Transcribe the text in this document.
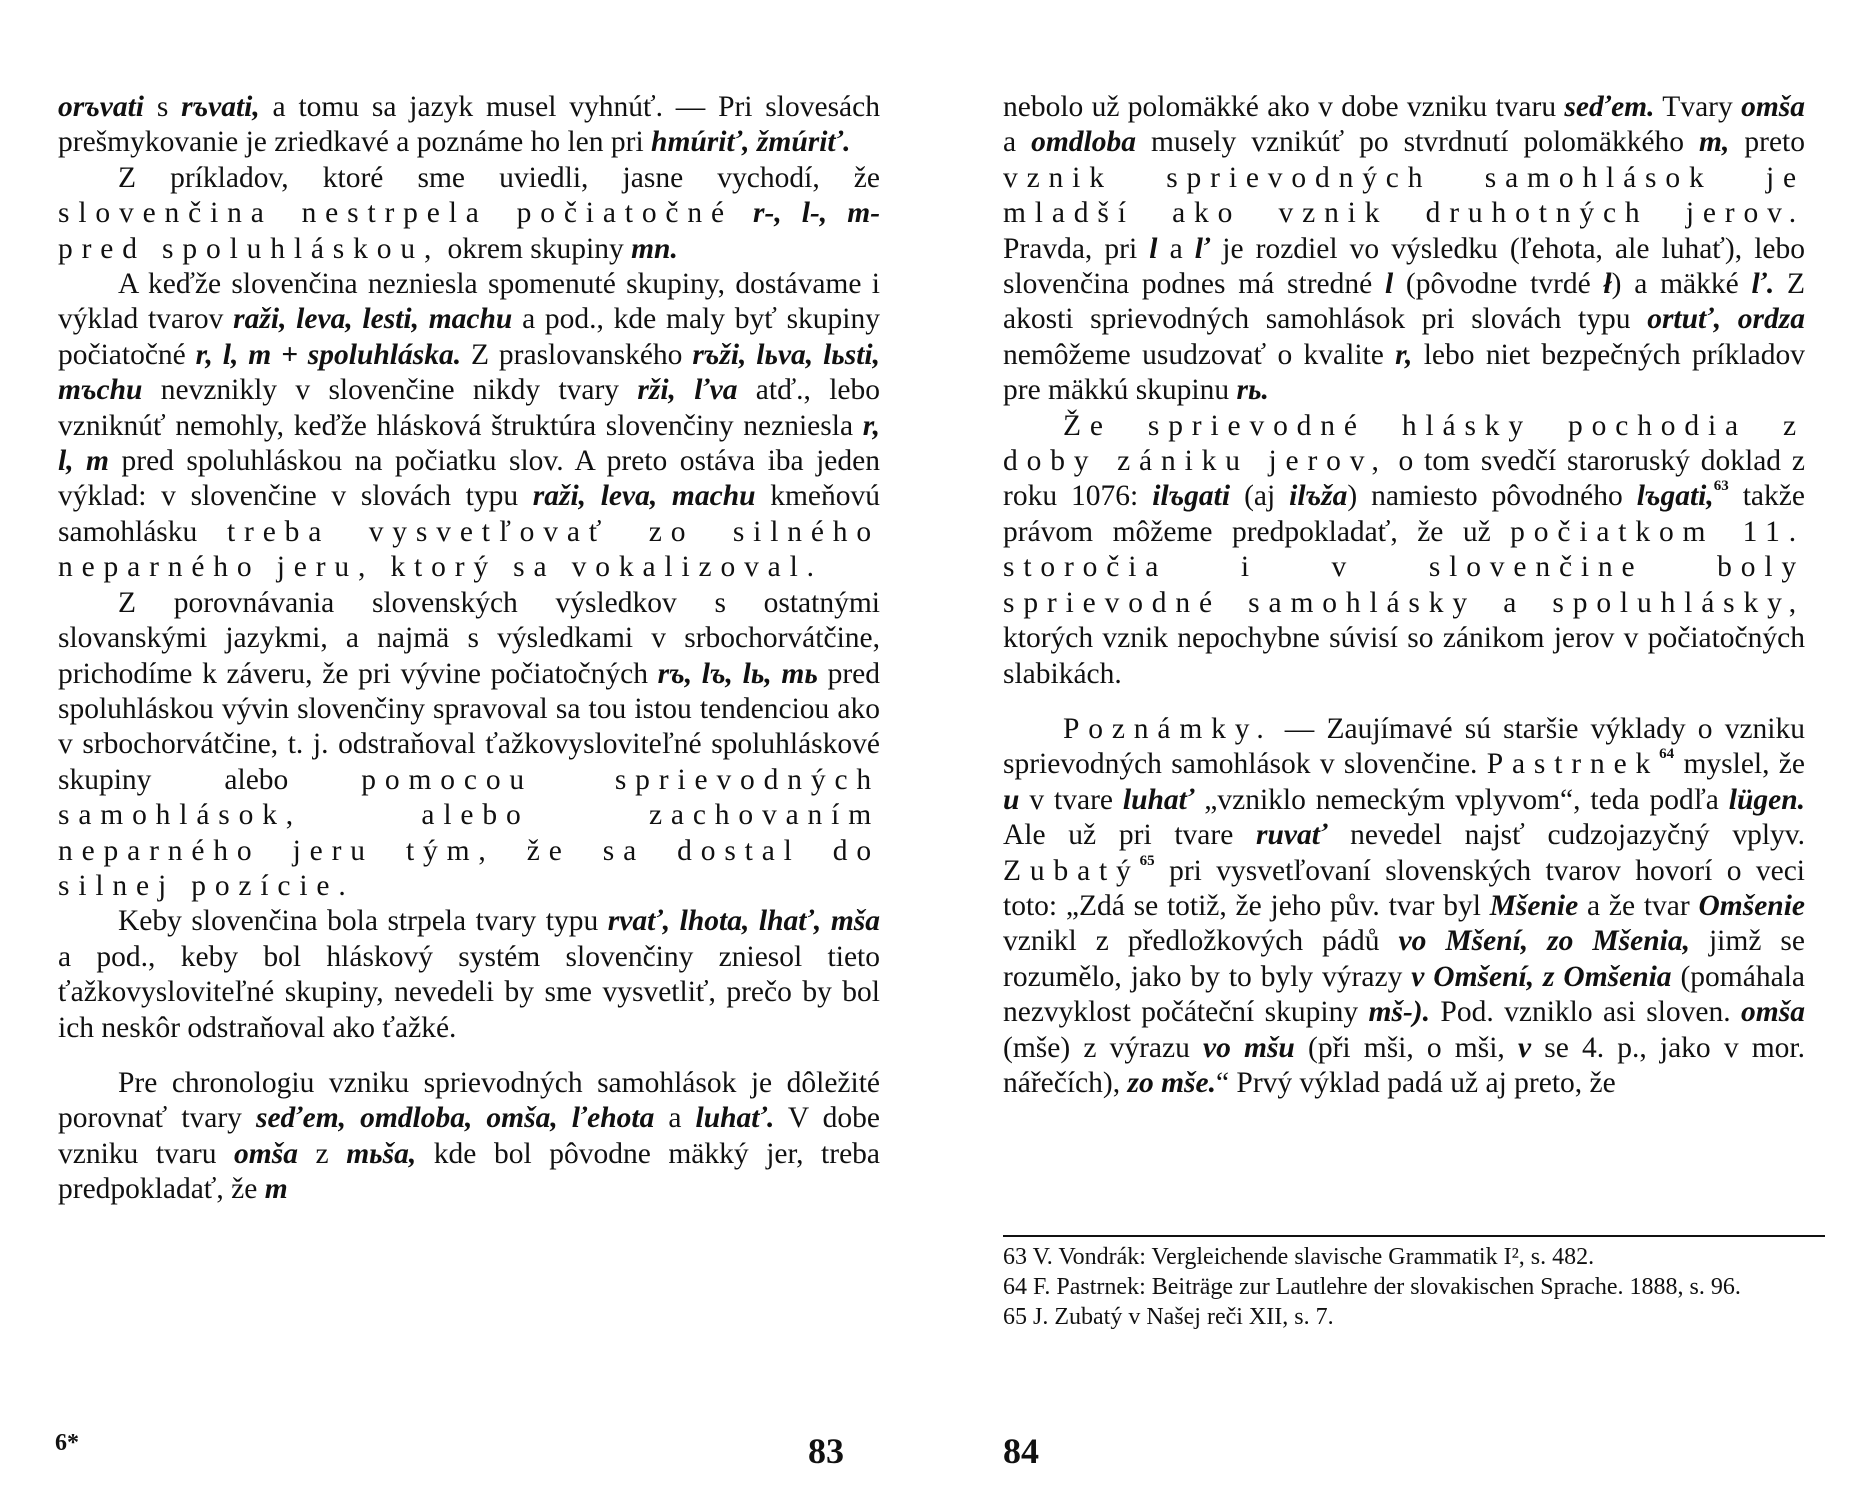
orъvati s rъvati, a tomu sa jazyk musel vyhnúť. — Pri slovesách prešmykovanie je zriedkavé a poznáme ho len pri hmúriť, žmúriť.

Z príkladov, ktoré sme uviedli, jasne vychodí, že slovenčina nestrpela počiatočné r-, l-, m- pred spoluhláskou, okrem skupiny mn.

A keďže slovenčina nezniesla spomenuté skupiny, dostávame i výklad tvarov raži, leva, lesti, machu a pod., kde maly byť skupiny počiatočné r, l, m + spoluhláska. Z praslovanského rъži, lьva, lьsti, mъchu nevznikly v slovenčine nikdy tvary rži, ľva atď., lebo vzniknúť nemohly, keďže hlásková štruktúra slovenčiny nezniesla r, l, m pred spoluhláskou na počiatku slov. A preto ostáva iba jeden výklad: v slovenčine v slovách typu raži, leva, machu kmeňovú samohlásku treba vysvetľovať zo silného neparného jeru, ktorý sa vokalizoval.

Z porovnávania slovenských výsledkov s ostatnými slovanskými jazykmi, a najmä s výsledkami v srbochorvátčine, prichodíme k záveru, že pri vývine počiatočných rъ, lъ, lь, mь pred spoluhláskou vývin slovenčiny spravoval sa tou istou tendenciou ako v srbochorvátčine, t. j. odstraňoval ťažkovysloviteľné spoluhláskové skupiny alebo pomocou sprievodných samohlások, alebo zachovaním neparného jeru tým, že sa dostal do silnej pozície.

Keby slovenčina bola strpela tvary typu rvať, lhota, lhať, mša a pod., keby bol hláskový systém slovenčiny zniesol tieto ťažkovysloviteľné skupiny, nevedeli by sme vysvetliť, prečo by bol ich neskôr odstraňoval ako ťažké.

Pre chronologiu vzniku sprievodných samohlások je dôležité porovnať tvary seďem, omdloba, omša, ľehota a luhať. V dobe vzniku tvaru omša z mьša, kde bol pôvodne mäkký jer, treba predpokladať, že m

6*	83

nebolo už polomäkké ako v dobe vzniku tvaru seďem. Tvary omša a omdloba musely vznikúť po stvrdnutí polomäkkého m, preto vznik sprievodných samohlások je mladší ako vznik druhotných jerov. Pravda, pri l a ľ je rozdiel vo výsledku (ľehota, ale luhať), lebo slovenčina podnes má stredné l (pôvodne tvrdé ł) a mäkké ľ. Z akosti sprievodných samohlások pri slovách typu ortuť, ordza nemôžeme usudzovať o kvalite r, lebo niet bezpečných príkladov pre mäkkú skupinu rь.

Že sprievodné hlásky pochodia z doby zániku jerov, o tom svedčí staroruský doklad z roku 1076: ilъgati (aj ilъža) namiesto pôvodného lъgati,$^{63}$ takže právom môžeme predpokladať, že už počiatkom 11. storočia i v slovenčine boly sprievodné samohlásky a spoluhlásky, ktorých vznik nepochybne súvisí so zánikom jerov v počiatočných slabikách.

Poznámky. — Zaujímavé sú staršie výklady o vzniku sprievodných samohlások v slovenčine. Pastrnek$^{64}$ myslel, že u v tvare luhať „vzniklo nemeckým vplyvom“, teda podľa lügen. Ale už pri tvare ruvať nevedel najsť cudzojazyčný vplyv. Zubatý$^{65}$ pri vysvetľovaní slovenských tvarov hovorí o veci toto: „Zdá se totiž, že jeho pův. tvar byl Mšenie a že tvar Omšenie vznikl z předložkových pádů vo Mšení, zo Mšenia, jimž se rozumělo, jako by to byly výrazy v Omšení, z Omšenia (pomáhala nezvyklost počáteční skupiny mš-). Pod. vzniklo asi sloven. omša (mše) z výrazu vo mšu (při mši, o mši, v se 4. p., jako v mor. nářečích), zo mše.“ Prvý výklad padá už aj preto, že

63 V. Vondrák: Vergleichende slavische Grammatik I², s. 482.

64 F. Pastrnek: Beiträge zur Lautlehre der slovakischen Sprache. 1888, s. 96.

65 J. Zubatý v Našej reči XII, s. 7.

84
